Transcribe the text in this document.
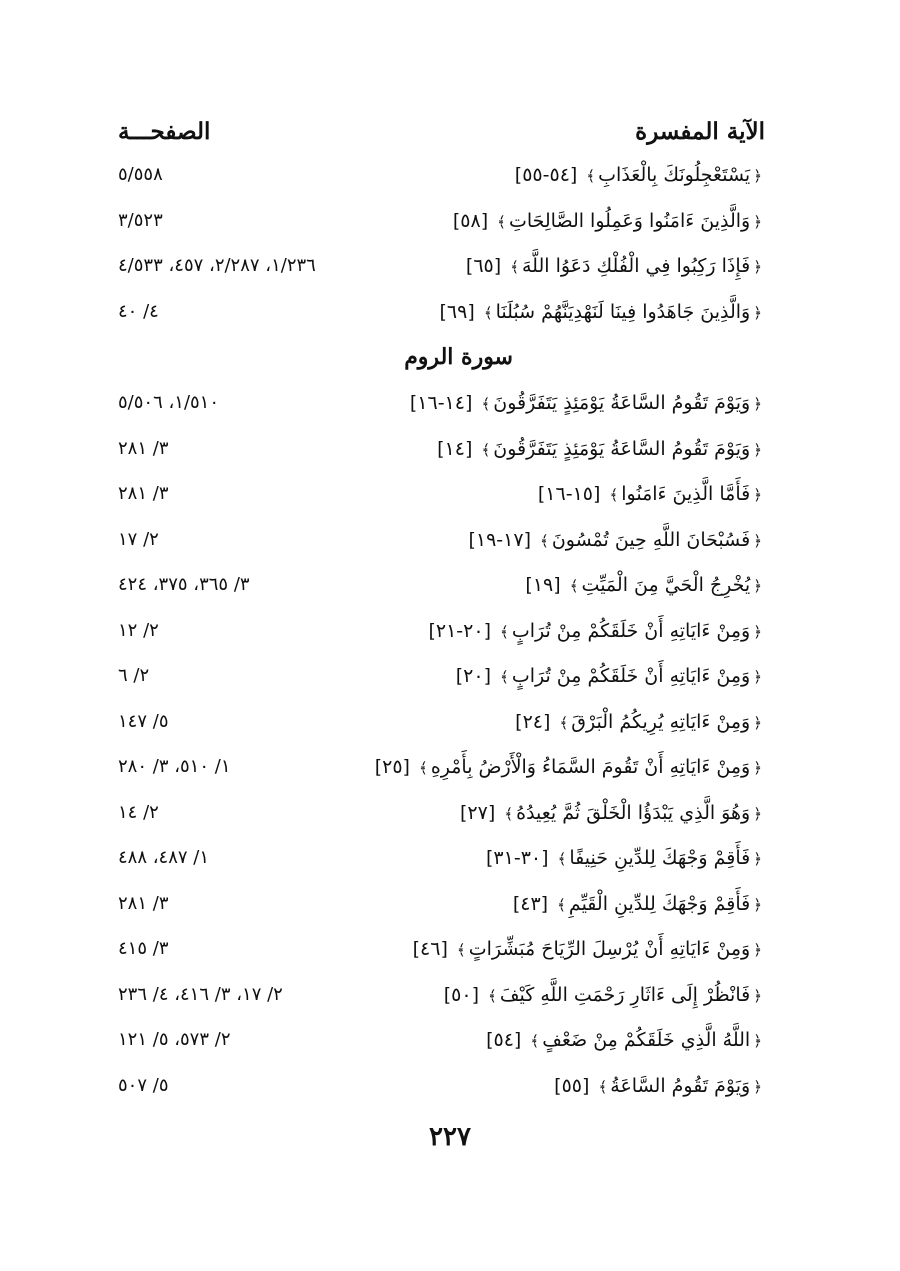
الآية المفسرة
الصفحـــة
﴿يَسْتَعْجِلُونَكَ بِالْعَذَابِ﴾ [٥٤-٥٥]
٥/٥٥٨
﴿وَالَّذِينَ ءَامَنُوا وَعَمِلُوا الصَّالِحَاتِ﴾ [٥٨]
٣/٥٢٣
﴿فَإِذَا رَكِبُوا فِي الْفُلْكِ دَعَوُا اللَّهَ﴾ [٦٥]
١/٢٣٦، ٢/٢٨٧، ٤٥٧، ٤/٥٣٣
﴿وَالَّذِينَ جَاهَدُوا فِينَا لَنَهْدِيَنَّهُمْ سُبُلَنَا﴾ [٦٩]
٤/ ٤٠
سورة الروم
﴿وَيَوْمَ تَقُومُ السَّاعَةُ يَوْمَئِذٍ يَتَفَرَّقُونَ﴾ [١٤-١٦]
١/٥١٠، ٥/٥٠٦
﴿وَيَوْمَ تَقُومُ السَّاعَةُ يَوْمَئِذٍ يَتَفَرَّقُونَ﴾ [١٤]
٣/ ٢٨١
﴿فَأَمَّا الَّذِينَ ءَامَنُوا﴾ [١٥-١٦]
٣/ ٢٨١
﴿فَسُبْحَانَ اللَّهِ حِينَ تُمْسُونَ﴾ [١٧-١٩]
٢/ ١٧
﴿يُخْرِجُ الْحَيَّ مِنَ الْمَيِّتِ﴾ [١٩]
٣/ ٣٦٥، ٣٧٥، ٤٢٤
﴿وَمِنْ ءَايَاتِهِ أَنْ خَلَقَكُمْ مِنْ تُرَابٍ﴾ [٢٠-٢١]
٢/ ١٢
﴿وَمِنْ ءَايَاتِهِ أَنْ خَلَقَكُمْ مِنْ تُرَابٍ﴾ [٢٠]
٢/ ٦
﴿وَمِنْ ءَايَاتِهِ يُرِيكُمُ الْبَرْقَ﴾ [٢٤]
٥/ ١٤٧
﴿وَمِنْ ءَايَاتِهِ أَنْ تَقُومَ السَّمَاءُ وَالْأَرْضُ بِأَمْرِهِ﴾ [٢٥]
١/ ٥١٠، ٣/ ٢٨٠
﴿وَهُوَ الَّذِي يَبْدَؤُا الْخَلْقَ ثُمَّ يُعِيدُهُ﴾ [٢٧]
٢/ ١٤
﴿فَأَقِمْ وَجْهَكَ لِلدِّينِ حَنِيفًا﴾ [٣٠-٣١]
١/ ٤٨٧، ٤٨٨
﴿فَأَقِمْ وَجْهَكَ لِلدِّينِ الْقَيِّمِ﴾ [٤٣]
٣/ ٢٨١
﴿وَمِنْ ءَايَاتِهِ أَنْ يُرْسِلَ الرِّيَاحَ مُبَشِّرَاتٍ﴾ [٤٦]
٣/ ٤١٥
﴿فَانْظُرْ إِلَى ءَاثَارِ رَحْمَتِ اللَّهِ كَيْفَ﴾ [٥٠]
٢/ ١٧، ٣/ ٤١٦، ٤/ ٢٣٦
﴿اللَّهُ الَّذِي خَلَقَكُمْ مِنْ ضَعْفٍ﴾ [٥٤]
٢/ ٥٧٣، ٥/ ١٢١
﴿وَيَوْمَ تَقُومُ السَّاعَةُ﴾ [٥٥]
٥/ ٥٠٧
٢٢٧
